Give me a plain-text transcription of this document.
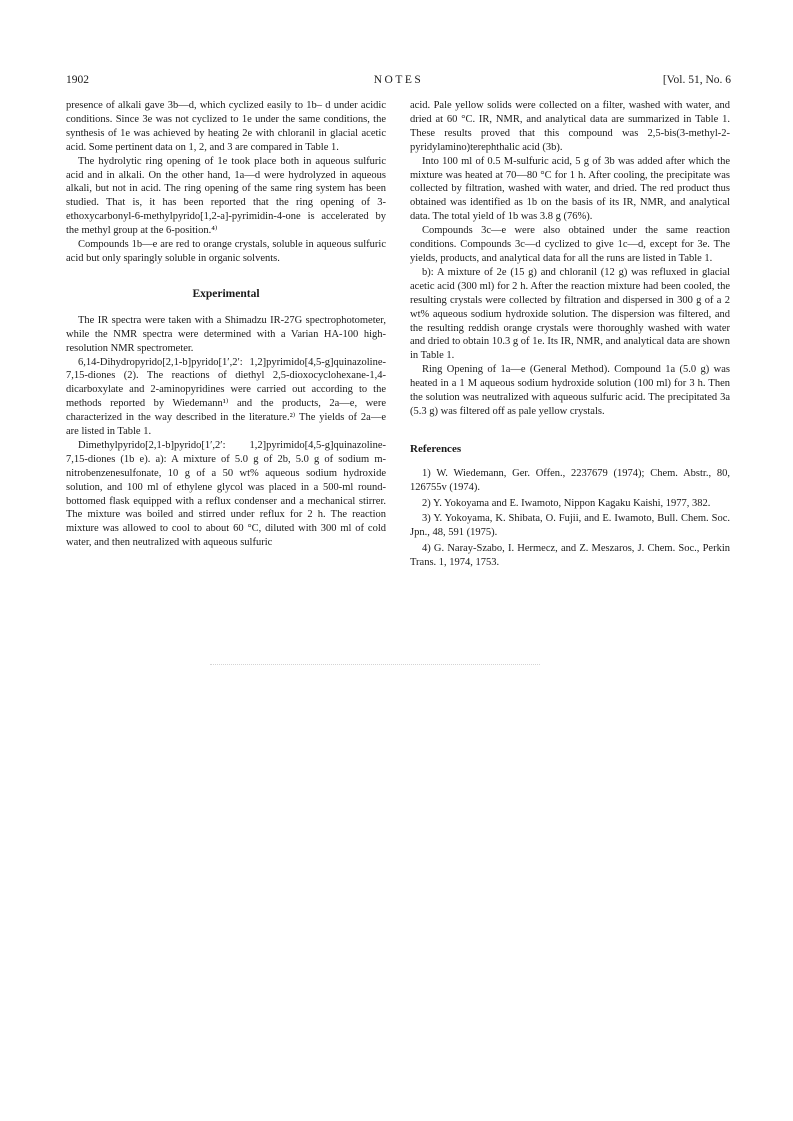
1902	NOTES	[Vol. 51, No. 6

presence of alkali gave 3b—d, which cyclized easily to 1b– d under acidic conditions. Since 3e was not cyclized to 1e under the same conditions, the synthesis of 1e was achieved by heating 2e with chloranil in glacial acetic acid. Some pertinent data on 1, 2, and 3 are compared in Table 1.

The hydrolytic ring opening of 1e took place both in aqueous sulfuric acid and in alkali. On the other hand, 1a—d were hydrolyzed in aqueous alkali, but not in acid. The ring opening of the same ring system has been studied. That is, it has been reported that the ring opening of 3-ethoxycarbonyl-6-methylpyrido[1,2-a]-pyrimidin-4-one is accelerated by the methyl group at the 6-position.⁴⁾

Compounds 1b—e are red to orange crystals, soluble in aqueous sulfuric acid but only sparingly soluble in organic solvents.

Experimental

The IR spectra were taken with a Shimadzu IR-27G spectrophotometer, while the NMR spectra were determined with a Varian HA-100 high-resolution NMR spectrometer.

6,14-Dihydropyrido[2,1-b]pyrido[1′,2′: 1,2]pyrimido[4,5-g]quinazoline-7,15-diones (2). The reactions of diethyl 2,5-dioxocyclohexane-1,4-dicarboxylate and 2-aminopyridines were carried out according to the methods reported by Wiedemann¹⁾ and the products, 2a—e, were characterized in the way described in the literature.²⁾ The yields of 2a—e are listed in Table 1.

Dimethylpyrido[2,1-b]pyrido[1′,2′: 1,2]pyrimido[4,5-g]quinazoline-7,15-diones (1b e). a): A mixture of 5.0 g of 2b, 5.0 g of sodium m-nitrobenzenesulfonate, 10 g of a 50 wt% aqueous sodium hydroxide solution, and 100 ml of ethylene glycol was placed in a 500-ml round-bottomed flask equipped with a reflux condenser and a mechanical stirrer. The mixture was boiled and stirred under reflux for 2 h. The reaction mixture was allowed to cool to about 60 °C, diluted with 300 ml of cold water, and then neutralized with aqueous sulfuric

acid. Pale yellow solids were collected on a filter, washed with water, and dried at 60 °C. IR, NMR, and analytical data are summarized in Table 1. These results proved that this compound was 2,5-bis(3-methyl-2-pyridylamino)terephthalic acid (3b).

Into 100 ml of 0.5 M-sulfuric acid, 5 g of 3b was added after which the mixture was heated at 70—80 °C for 1 h. After cooling, the precipitate was collected by filtration, washed with water, and dried. The red product thus obtained was identified as 1b on the basis of its IR, NMR, and analytical data. The total yield of 1b was 3.8 g (76%).

Compounds 3c—e were also obtained under the same reaction conditions. Compounds 3c—d cyclized to give 1c—d, except for 3e. The yields, products, and analytical data for all the runs are listed in Table 1.

b): A mixture of 2e (15 g) and chloranil (12 g) was refluxed in glacial acetic acid (300 ml) for 2 h. After the reaction mixture had been cooled, the resulting crystals were collected by filtration and dispersed in 300 g of a 2 wt% aqueous sodium hydroxide solution. The dispersion was filtered, and the resulting reddish orange crystals were thoroughly washed with water and dried to obtain 10.3 g of 1e. Its IR, NMR, and analytical data are shown in Table 1.

Ring Opening of 1a—e (General Method). Compound 1a (5.0 g) was heated in a 1 M aqueous sodium hydroxide solution (100 ml) for 3 h. Then the solution was neutralized with aqueous sulfuric acid. The precipitated 3a (5.3 g) was filtered off as pale yellow crystals.

References
1) W. Wiedemann, Ger. Offen., 2237679 (1974); Chem. Abstr., 80, 126755v (1974).
2) Y. Yokoyama and E. Iwamoto, Nippon Kagaku Kaishi, 1977, 382.
3) Y. Yokoyama, K. Shibata, O. Fujii, and E. Iwamoto, Bull. Chem. Soc. Jpn., 48, 591 (1975).
4) G. Naray-Szabo, I. Hermecz, and Z. Meszaros, J. Chem. Soc., Perkin Trans. 1, 1974, 1753.
